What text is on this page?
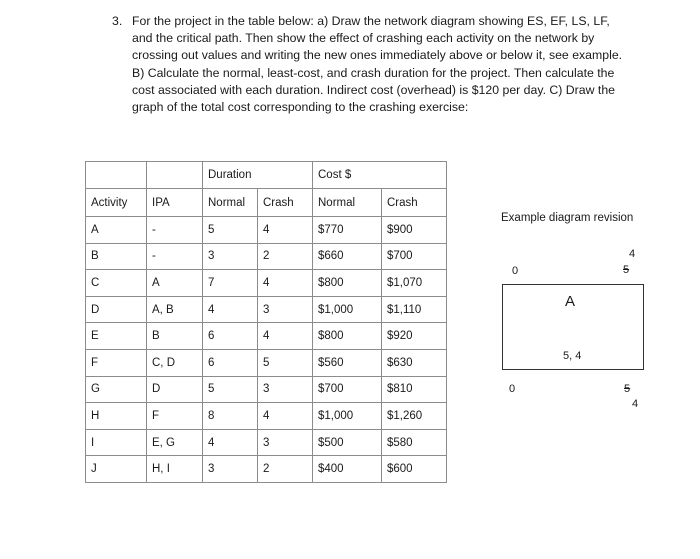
3. For the project in the table below: a) Draw the network diagram showing ES, EF, LS, LF, and the critical path. Then show the effect of crashing each activity on the network by crossing out values and writing the new ones immediately above or below it, see example. B) Calculate the normal, least-cost, and crash duration for the project. Then calculate the cost associated with each duration. Indirect cost (overhead) is $120 per day. C) Draw the graph of the total cost corresponding to the crashing exercise:
		Duration		Cost $	
Activity	IPA	Normal	Crash	Normal	Crash
A	-	5	4	$770	$900
B	-	3	2	$660	$700
C	A	7	4	$800	$1,070
D	A, B	4	3	$1,000	$1,110
E	B	6	4	$800	$920
F	C, D	6	5	$560	$630
G	D	5	3	$700	$810
H	F	8	4	$1,000	$1,260
I	E, G	4	3	$500	$580
J	H, I	3	2	$400	$600
Example diagram revision
0
4
5
A
5, 4
0	5
4
